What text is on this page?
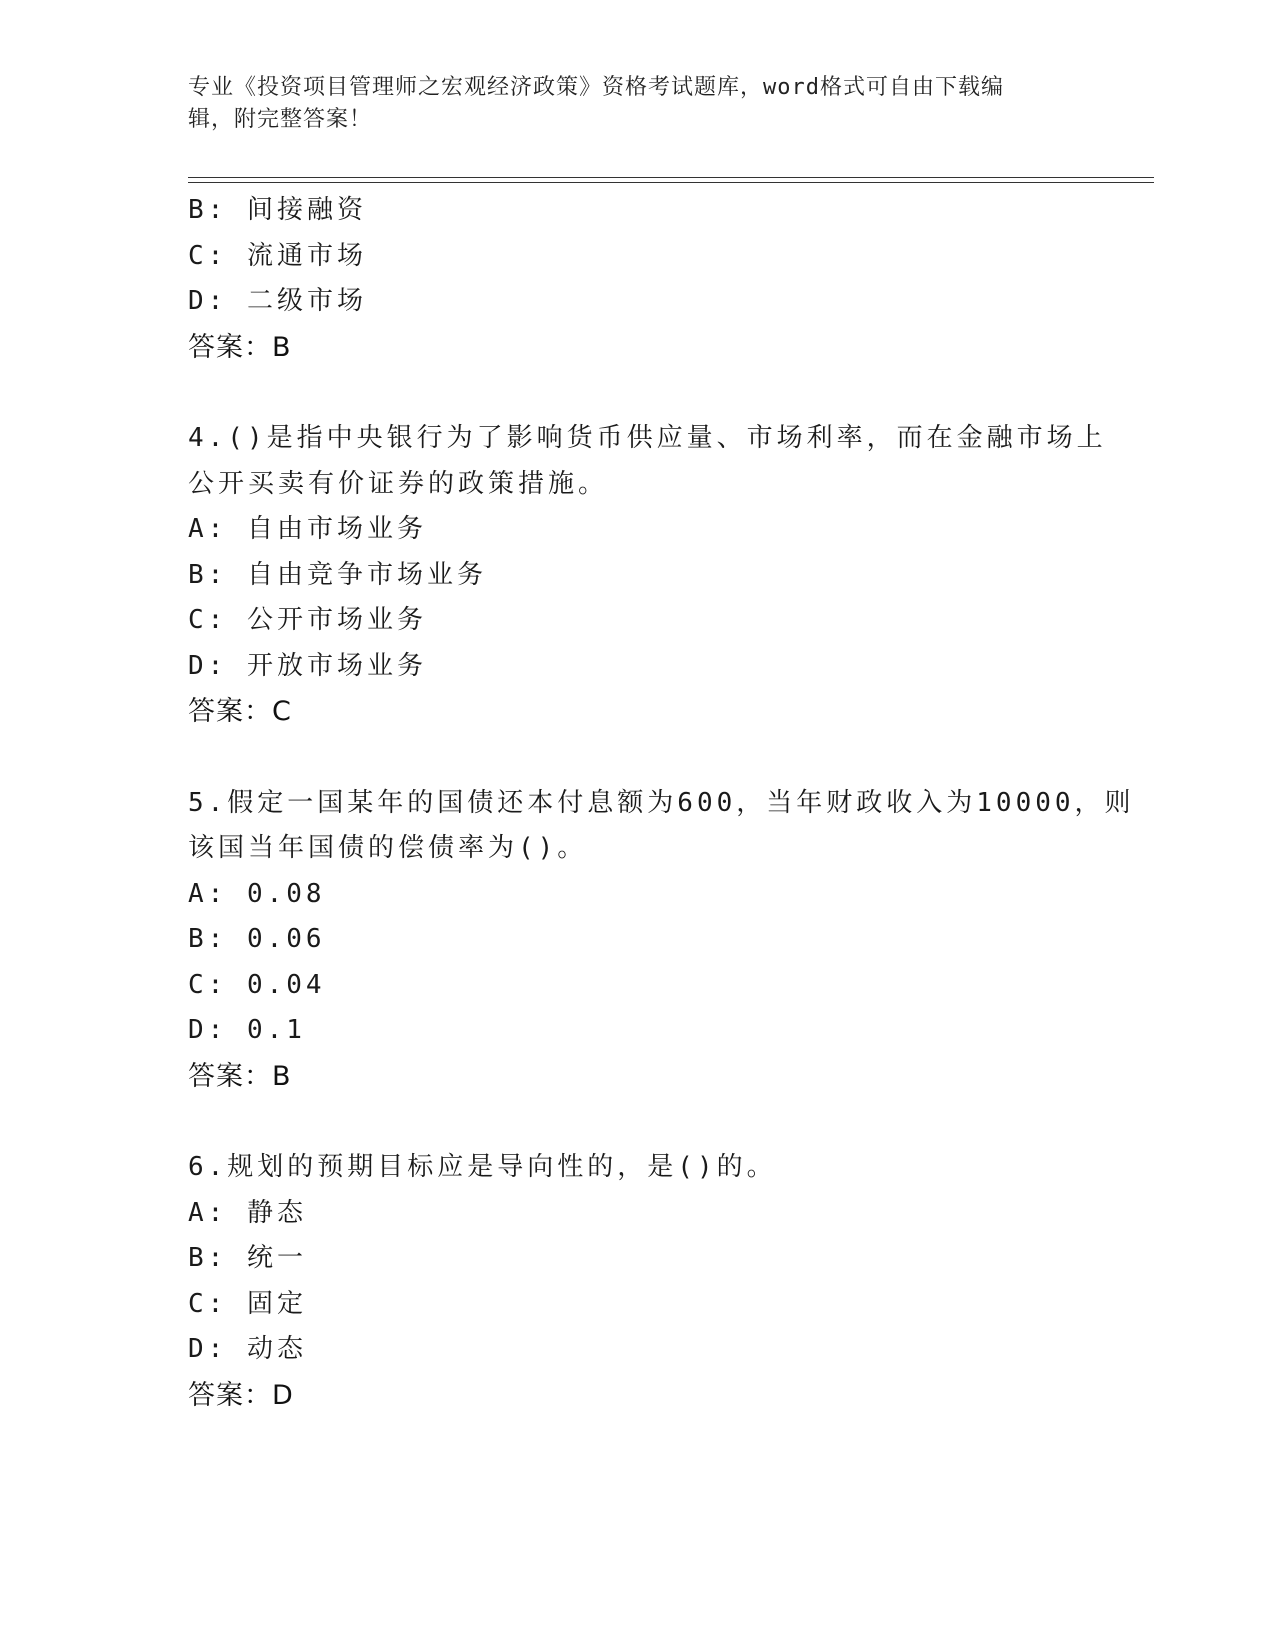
专业《投资项目管理师之宏观经济政策》资格考试题库，word格式可自由下载编
辑，附完整答案！
B: 间接融资
C: 流通市场
D: 二级市场
答案：B
4.()是指中央银行为了影响货币供应量、市场利率，而在金融市场上
公开买卖有价证券的政策措施。
A: 自由市场业务
B: 自由竞争市场业务
C: 公开市场业务
D: 开放市场业务
答案：C
5.假定一国某年的国债还本付息额为600，当年财政收入为10000，则
该国当年国债的偿债率为()。
A: 0.08
B: 0.06
C: 0.04
D: 0.1
答案：B
6.规划的预期目标应是导向性的，是()的。
A: 静态
B: 统一
C: 固定
D: 动态
答案：D
